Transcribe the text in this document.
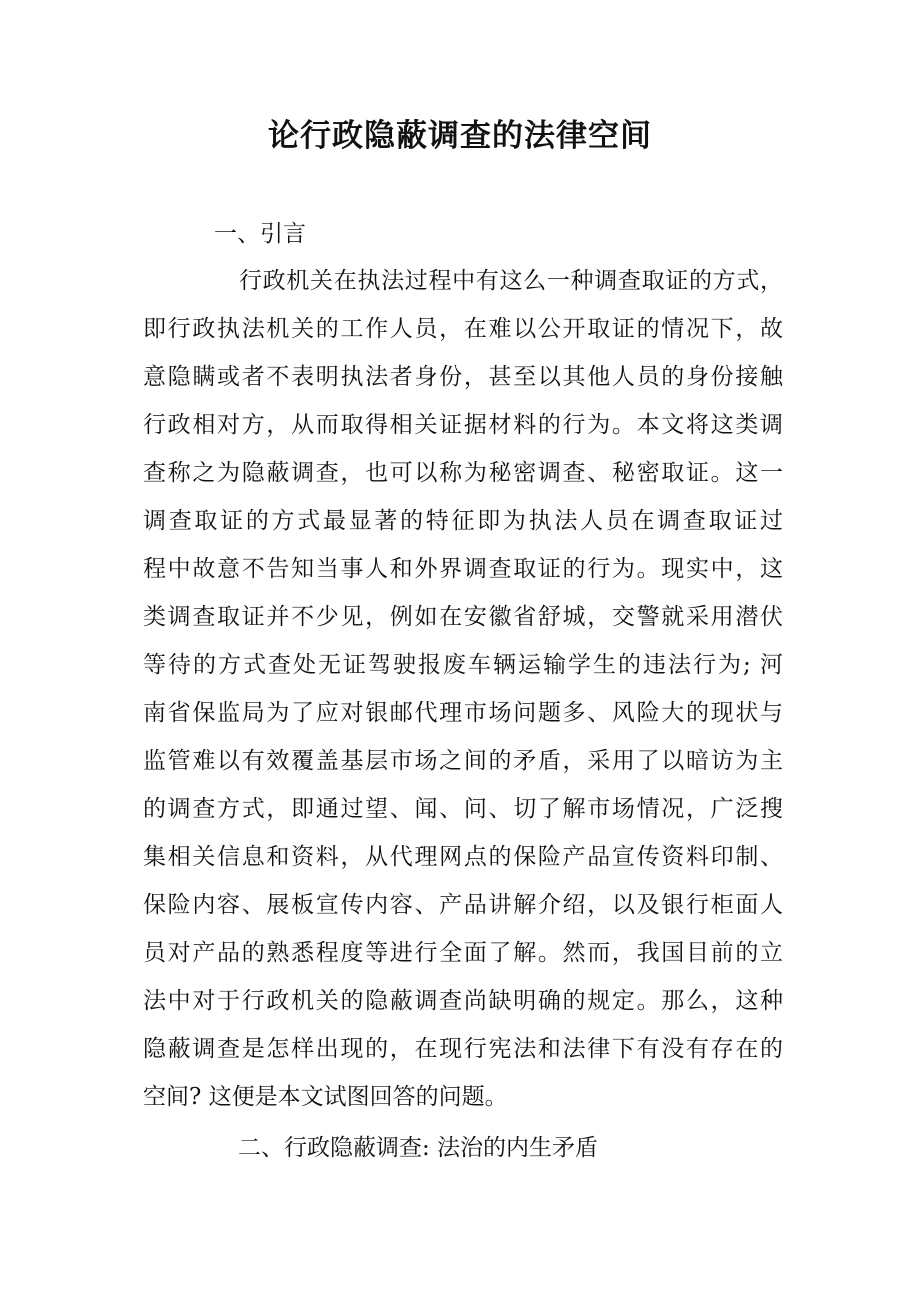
论行政隐蔽调查的法律空间
一、引言
行政机关在执法过程中有这么一种调查取证的方式，
即行政执法机关的工作人员，在难以公开取证的情况下，故
意隐瞒或者不表明执法者身份，甚至以其他人员的身份接触
行政相对方，从而取得相关证据材料的行为。本文将这类调
查称之为隐蔽调查，也可以称为秘密调查、秘密取证。这一
调查取证的方式最显著的特征即为执法人员在调查取证过
程中故意不告知当事人和外界调查取证的行为。现实中，这
类调查取证并不少见，例如在安徽省舒城，交警就采用潜伏
等待的方式查处无证驾驶报废车辆运输学生的违法行为; 河
南省保监局为了应对银邮代理市场问题多、风险大的现状与
监管难以有效覆盖基层市场之间的矛盾，采用了以暗访为主
的调查方式，即通过望、闻、问、切了解市场情况，广泛搜
集相关信息和资料，从代理网点的保险产品宣传资料印制、
保险内容、展板宣传内容、产品讲解介绍，以及银行柜面人
员对产品的熟悉程度等进行全面了解。然而，我国目前的立
法中对于行政机关的隐蔽调查尚缺明确的规定。那么，这种
隐蔽调查是怎样出现的，在现行宪法和法律下有没有存在的
空间? 这便是本文试图回答的问题。
二、行政隐蔽调查: 法治的内生矛盾
